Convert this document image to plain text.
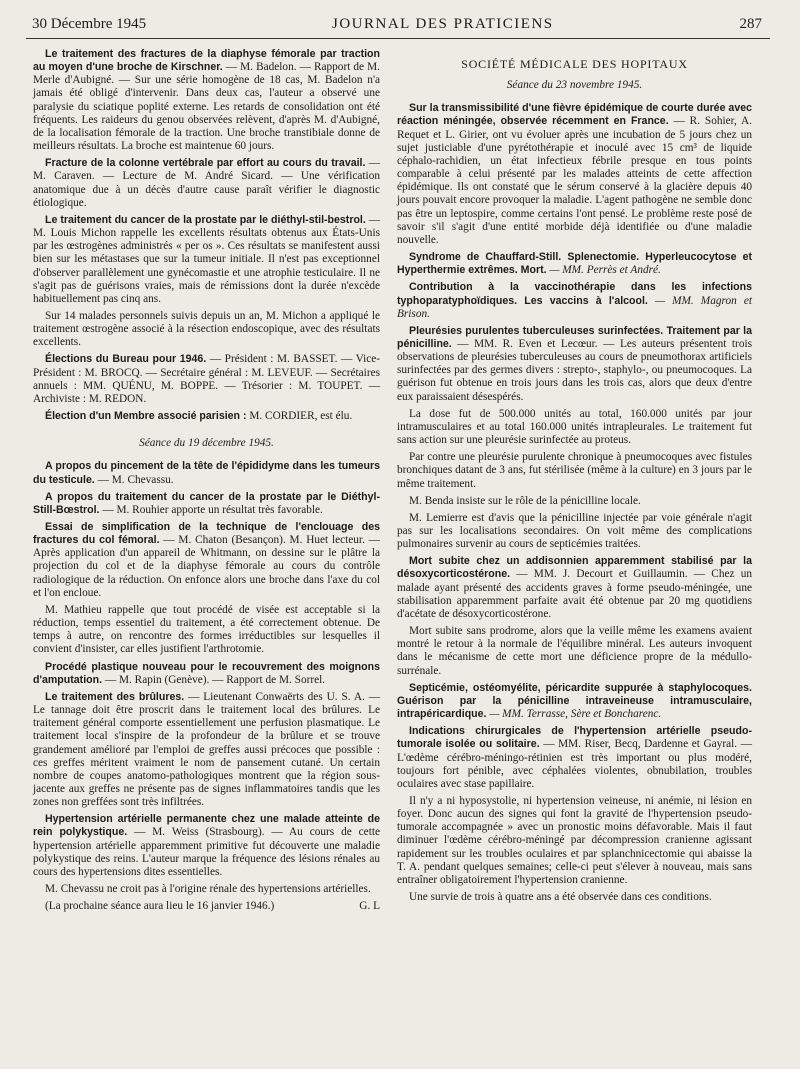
30 Décembre 1945	JOURNAL DES PRATICIENS	287

Le traitement des fractures de la diaphyse fémorale par traction au moyen d'une broche de Kirschner. — M. Badelon. — Rapport de M. Merle d'Aubigné. — Sur une série homogène de 18 cas, M. Badelon n'a jamais été obligé d'intervenir. Dans deux cas, l'auteur a observé une paralysie du sciatique poplité externe. Les retards de consolidation ont été fréquents. Les raideurs du genou observées relèvent, d'après M. d'Aubigné, de la localisation fémorale de la traction. Une broche transtibiale donne de meilleurs résultats. La broche est maintenue 60 jours.

Fracture de la colonne vertébrale par effort au cours du travail. — M. Caraven. — Lecture de M. André Sicard. — Une vérification anatomique due à un décès d'autre cause paraît vérifier le diagnostic étiologique.

Le traitement du cancer de la prostate par le diéthyl-stil-bestrol. — M. Louis Michon rappelle les excellents résultats obtenus aux États-Unis par les œstrogènes administrés « per os ». Ces résultats se manifestent aussi bien sur les métastases que sur la tumeur initiale. Il n'est pas exceptionnel d'observer parallèlement une gynécomastie et une atrophie testiculaire. Il ne s'agit pas de guérisons vraies, mais de rémissions dont la durée n'excède habituellement pas cinq ans.

Sur 14 malades personnels suivis depuis un an, M. Michon a appliqué le traitement œstrogène associé à la résection endoscopique, avec des résultats excellents.

Élections du Bureau pour 1946. — Président : M. BASSET. — Vice-Président : M. BROCQ. — Secrétaire général : M. LEVEUF. — Secrétaires annuels : MM. QUÉNU, M. BOPPE. — Trésorier : M. TOUPET. — Archiviste : M. REDON.

Élection d'un Membre associé parisien : M. CORDIER, est élu.

Séance du 19 décembre 1945.

A propos du pincement de la tête de l'épididyme dans les tumeurs du testicule. — M. Chevassu.

A propos du traitement du cancer de la prostate par le Diéthyl-Still-Bœstrol. — M. Rouhier apporte un résultat très favorable.

Essai de simplification de la technique de l'enclouage des fractures du col fémoral. — M. Chaton (Besançon). M. Huet lecteur. — Après application d'un appareil de Whitmann, on dessine sur le plâtre la projection du col et de la diaphyse fémorale au cours du contrôle radiologique de la réduction. On enfonce alors une broche dans l'axe du col et l'on encloue.

M. Mathieu rappelle que tout procédé de visée est acceptable si la réduction, temps essentiel du traitement, a été correctement obtenue. De temps à autre, on rencontre des formes irréductibles sur lesquelles il convient d'insister, car elles justifient l'arthrotomie.

Procédé plastique nouveau pour le recouvrement des moignons d'amputation. — M. Rapin (Genève). — Rapport de M. Sorrel.

Le traitement des brûlures. — Lieutenant Conwaërts des U. S. A. — Le tannage doit être proscrit dans le traitement local des brûlures. Le traitement général comporte essentiellement une perfusion plasmatique. Le traitement local s'inspire de la profondeur de la brûlure et se trouve grandement amélioré par l'emploi de greffes aussi précoces que possible : ces greffes méritent vraiment le nom de pansement cutané. Un certain nombre de coupes anatomo-pathologiques montrent que la région sous-jacente aux greffes ne présente pas de signes inflammatoires tandis que les zones non greffées sont très infiltrées.

Hypertension artérielle permanente chez une malade atteinte de rein polykystique. — M. Weiss (Strasbourg). — Au cours de cette hypertension artérielle apparemment primitive fut découverte une maladie polykystique des reins. L'auteur marque la fréquence des lésions rénales au cours des hypertensions dites essentielles.

M. Chevassu ne croit pas à l'origine rénale des hypertensions artérielles.

(La prochaine séance aura lieu le 16 janvier 1946.)	G. L

SOCIÉTÉ MÉDICALE DES HOPITAUX

Séance du 23 novembre 1945.

Sur la transmissibilité d'une fièvre épidémique de courte durée avec réaction méningée, observée récemment en France. — R. Sohier, A. Requet et L. Girier, ont vu évoluer après une incubation de 5 jours chez un sujet justiciable d'une pyrétothérapie et inoculé avec 15 cm³ de liquide céphalo-rachidien, un état infectieux fébrile presque en tous points comparable à celui présenté par les malades atteints de cette affection épidémique. Ils ont constaté que le sérum conservé à la glacière depuis 40 jours pouvait encore provoquer la maladie. L'agent pathogène ne semble donc pas être un leptospire, comme certains l'ont pensé. Le problème reste posé de savoir s'il s'agit d'une entité morbide déjà identifiée ou d'une maladie nouvelle.

Syndrome de Chauffard-Still. Splenectomie. Hyperleucocytose et Hyperthermie extrêmes. Mort. — MM. Perrès et André.

Contribution à la vaccinothérapie dans les infections typhoparatyphoïdiques. Les vaccins à l'alcool. — MM. Magron et Brison.

Pleurésies purulentes tuberculeuses surinfectées. Traitement par la pénicilline. — MM. R. Even et Lecœur. — Les auteurs présentent trois observations de pleurésies tuberculeuses au cours de pneumothorax artificiels surinfectées par des germes divers : strepto-, staphylo-, ou pneumocoques. La guérison fut obtenue en trois jours dans les trois cas, alors que deux d'entre eux paraissaient désespérés.

La dose fut de 500.000 unités au total, 160.000 unités par jour intramusculaires et au total 160.000 unités intrapleurales. Le traitement fut sans action sur une pleurésie surinfectée au proteus.

Par contre une pleurésie purulente chronique à pneumocoques avec fistules bronchiques datant de 3 ans, fut stérilisée (même à la culture) en 3 jours par le même traitement.

M. Benda insiste sur le rôle de la pénicilline locale.

M. Lemierre est d'avis que la pénicilline injectée par voie générale n'agit pas sur les localisations secondaires. On voit même des complications pulmonaires survenir au cours de septicémies traitées.

Mort subite chez un addisonnien apparemment stabilisé par la désoxycorticostérone. — MM. J. Decourt et Guillaumin. — Chez un malade ayant présenté des accidents graves à forme pseudo-méningée, une stabilisation apparemment parfaite avait été obtenue par 20 mg quotidiens d'acétate de désoxycorticostérone.

Mort subite sans prodrome, alors que la veille même les examens avaient montré le retour à la normale de l'équilibre minéral. Les auteurs invoquent dans le mécanisme de cette mort une déficience propre de la médullo-surrénale.

Septicémie, ostéomyélite, péricardite suppurée à staphylocoques. Guérison par la pénicilline intraveineuse intramusculaire, intrapéricardique. — MM. Terrasse, Sère et Boncharenc.

Indications chirurgicales de l'hypertension artérielle pseudo-tumorale isolée ou solitaire. — MM. Riser, Becq, Dardenne et Gayral. — L'œdème cérébro-méningo-rétinien est très important ou plus modéré, toujours fort pénible, avec céphalées violentes, obnubilation, troubles oculaires avec stase papillaire.

Il n'y a ni hyposystolie, ni hypertension veineuse, ni anémie, ni lésion en foyer. Donc aucun des signes qui font la gravité de l'hypertension pseudo-tumorale accompagnée » avec un pronostic moins défavorable. Mais il faut diminuer l'œdème cérébro-méningé par décompression cranienne agissant rapidement sur les troubles oculaires et par splanchnicectomie qui abaisse la T. A. pendant quelques semaines; celle-ci peut s'élever à nouveau, mais sans entraîner obligatoirement l'hypertension cranienne.

Une survie de trois à quatre ans a été observée dans ces conditions.
